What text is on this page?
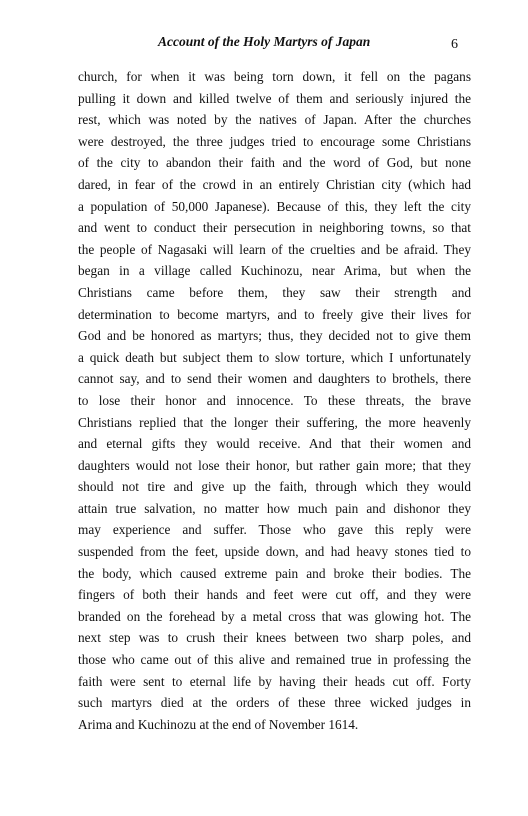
Account of the Holy Martyrs of Japan	6
church, for when it was being torn down, it fell on the pagans
pulling it down and killed twelve of them and seriously injured the
rest, which was noted by the natives of Japan. After the churches
were destroyed, the three judges tried to encourage some Christians
of the city to abandon their faith and the word of God, but none
dared, in fear of the crowd in an entirely Christian city (which had
a population of 50,000 Japanese). Because of this, they left the city
and went to conduct their persecution in neighboring towns, so that
the people of Nagasaki will learn of the cruelties and be afraid. They
began in a village called Kuchinozu, near Arima, but when the
Christians came before them, they saw their strength and
determination to become martyrs, and to freely give their lives for
God and be honored as martyrs; thus, they decided not to give them
a quick death but subject them to slow torture, which I unfortunately
cannot say, and to send their women and daughters to brothels, there
to lose their honor and innocence. To these threats, the brave
Christians replied that the longer their suffering, the more heavenly
and eternal gifts they would receive. And that their women and
daughters would not lose their honor, but rather gain more; that they
should not tire and give up the faith, through which they would
attain true salvation, no matter how much pain and dishonor they
may experience and suffer. Those who gave this reply were
suspended from the feet, upside down, and had heavy stones tied to
the body, which caused extreme pain and broke their bodies. The
fingers of both their hands and feet were cut off, and they were
branded on the forehead by a metal cross that was glowing hot. The
next step was to crush their knees between two sharp poles, and
those who came out of this alive and remained true in professing the
faith were sent to eternal life by having their heads cut off. Forty
such martyrs died at the orders of these three wicked judges in
Arima and Kuchinozu at the end of November 1614.
